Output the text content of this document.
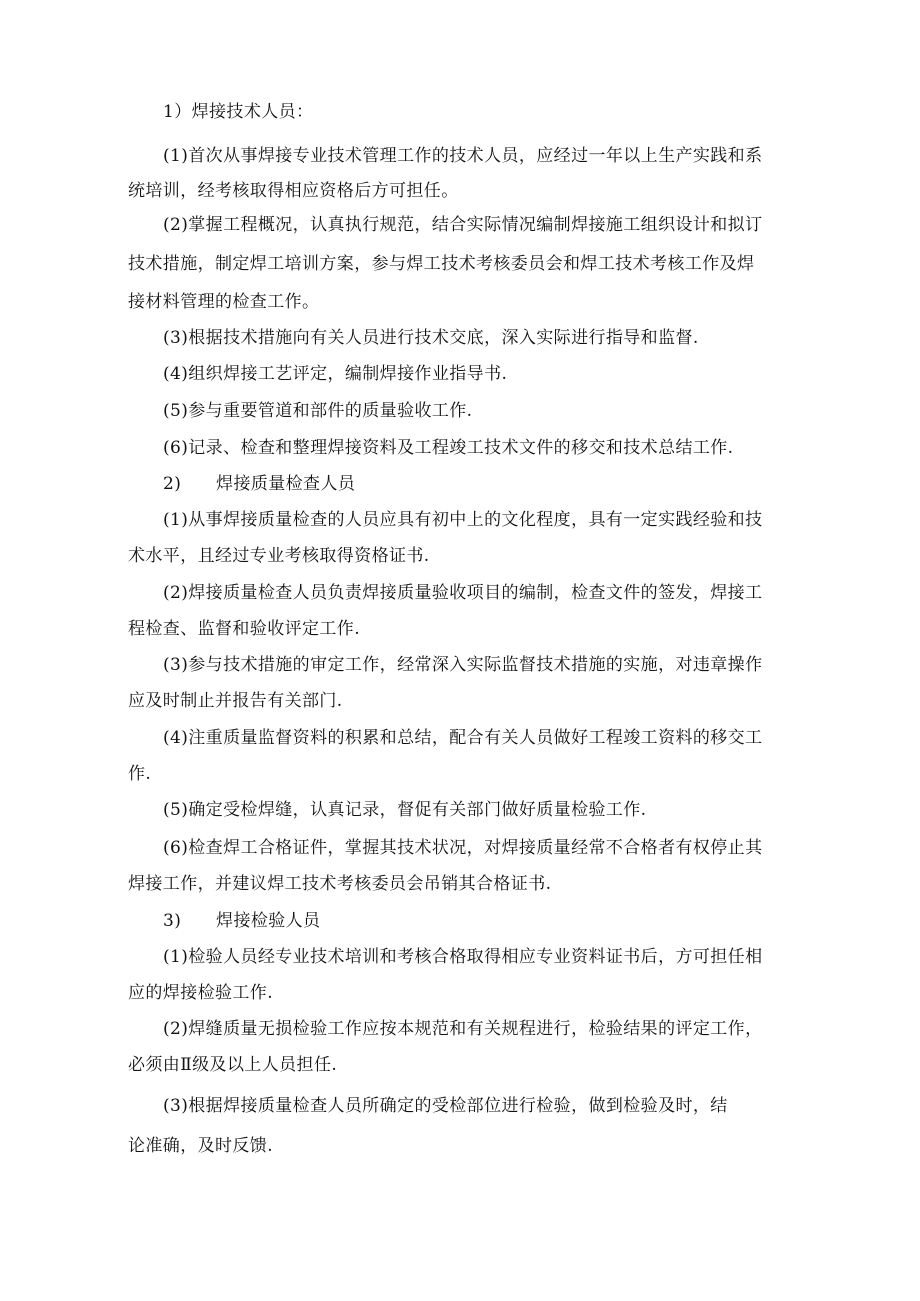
1）焊接技术人员：
(1)首次从事焊接专业技术管理工作的技术人员，应经过一年以上生产实践和系
统培训，经考核取得相应资格后方可担任。
(2)掌握工程概况，认真执行规范，结合实际情况编制焊接施工组织设计和拟订
技术措施，制定焊工培训方案，参与焊工技术考核委员会和焊工技术考核工作及焊
接材料管理的检查工作。
(3)根据技术措施向有关人员进行技术交底，深入实际进行指导和监督.
(4)组织焊接工艺评定，编制焊接作业指导书.
(5)参与重要管道和部件的质量验收工作.
(6)记录、检查和整理焊接资料及工程竣工技术文件的移交和技术总结工作.
2)　　焊接质量检查人员
(1)从事焊接质量检查的人员应具有初中上的文化程度，具有一定实践经验和技
术水平，且经过专业考核取得资格证书.
(2)焊接质量检查人员负责焊接质量验收项目的编制，检查文件的签发，焊接工
程检查、监督和验收评定工作.
(3)参与技术措施的审定工作，经常深入实际监督技术措施的实施，对违章操作
应及时制止并报告有关部门.
(4)注重质量监督资料的积累和总结，配合有关人员做好工程竣工资料的移交工
作.
(5)确定受检焊缝，认真记录，督促有关部门做好质量检验工作.
(6)检查焊工合格证件，掌握其技术状况，对焊接质量经常不合格者有权停止其
焊接工作，并建议焊工技术考核委员会吊销其合格证书.
3)　　焊接检验人员
(1)检验人员经专业技术培训和考核合格取得相应专业资料证书后，方可担任相
应的焊接检验工作.
(2)焊缝质量无损检验工作应按本规范和有关规程进行，检验结果的评定工作，
必须由Ⅱ级及以上人员担任.
(3)根据焊接质量检查人员所确定的受检部位进行检验，做到检验及时，结
论准确，及时反馈.
